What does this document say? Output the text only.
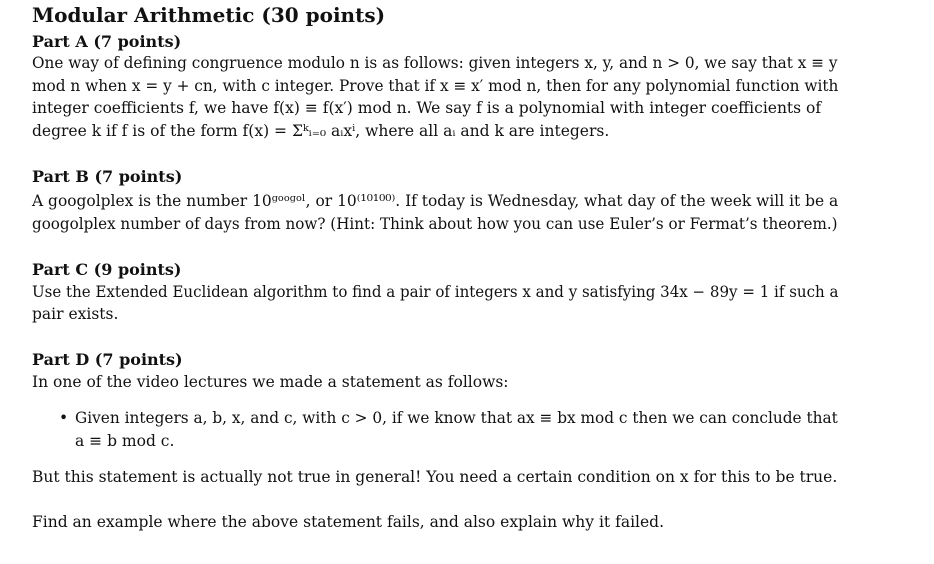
Modular Arithmetic (30 points)
Part A (7 points)
One way of defining congruence modulo n is as follows: given integers x, y, and n > 0, we say that x ≡ y
mod n when x = y + cn, with c integer. Prove that if x ≡ x′ mod n, then for any polynomial function with
integer coefficients f, we have f(x) ≡ f(x′) mod n. We say f is a polynomial with integer coefficients of
degree k if f is of the form f(x) = Σᵏᵢ₌₀ aᵢxⁱ, where all aᵢ and k are integers.
Part B (7 points)
A googolplex is the number 10ᵍᵒᵒᵍᵒˡ, or 10⁽¹⁰¹⁰⁰⁾. If today is Wednesday, what day of the week will it be a
googolplex number of days from now? (Hint: Think about how you can use Euler’s or Fermat’s theorem.)
Part C (9 points)
Use the Extended Euclidean algorithm to find a pair of integers x and y satisfying 34x − 89y = 1 if such a
pair exists.
Part D (7 points)
In one of the video lectures we made a statement as follows:
• Given integers a, b, x, and c, with c > 0, if we know that ax ≡ bx mod c then we can conclude that
a ≡ b mod c.
But this statement is actually not true in general! You need a certain condition on x for this to be true.
Find an example where the above statement fails, and also explain why it failed.
